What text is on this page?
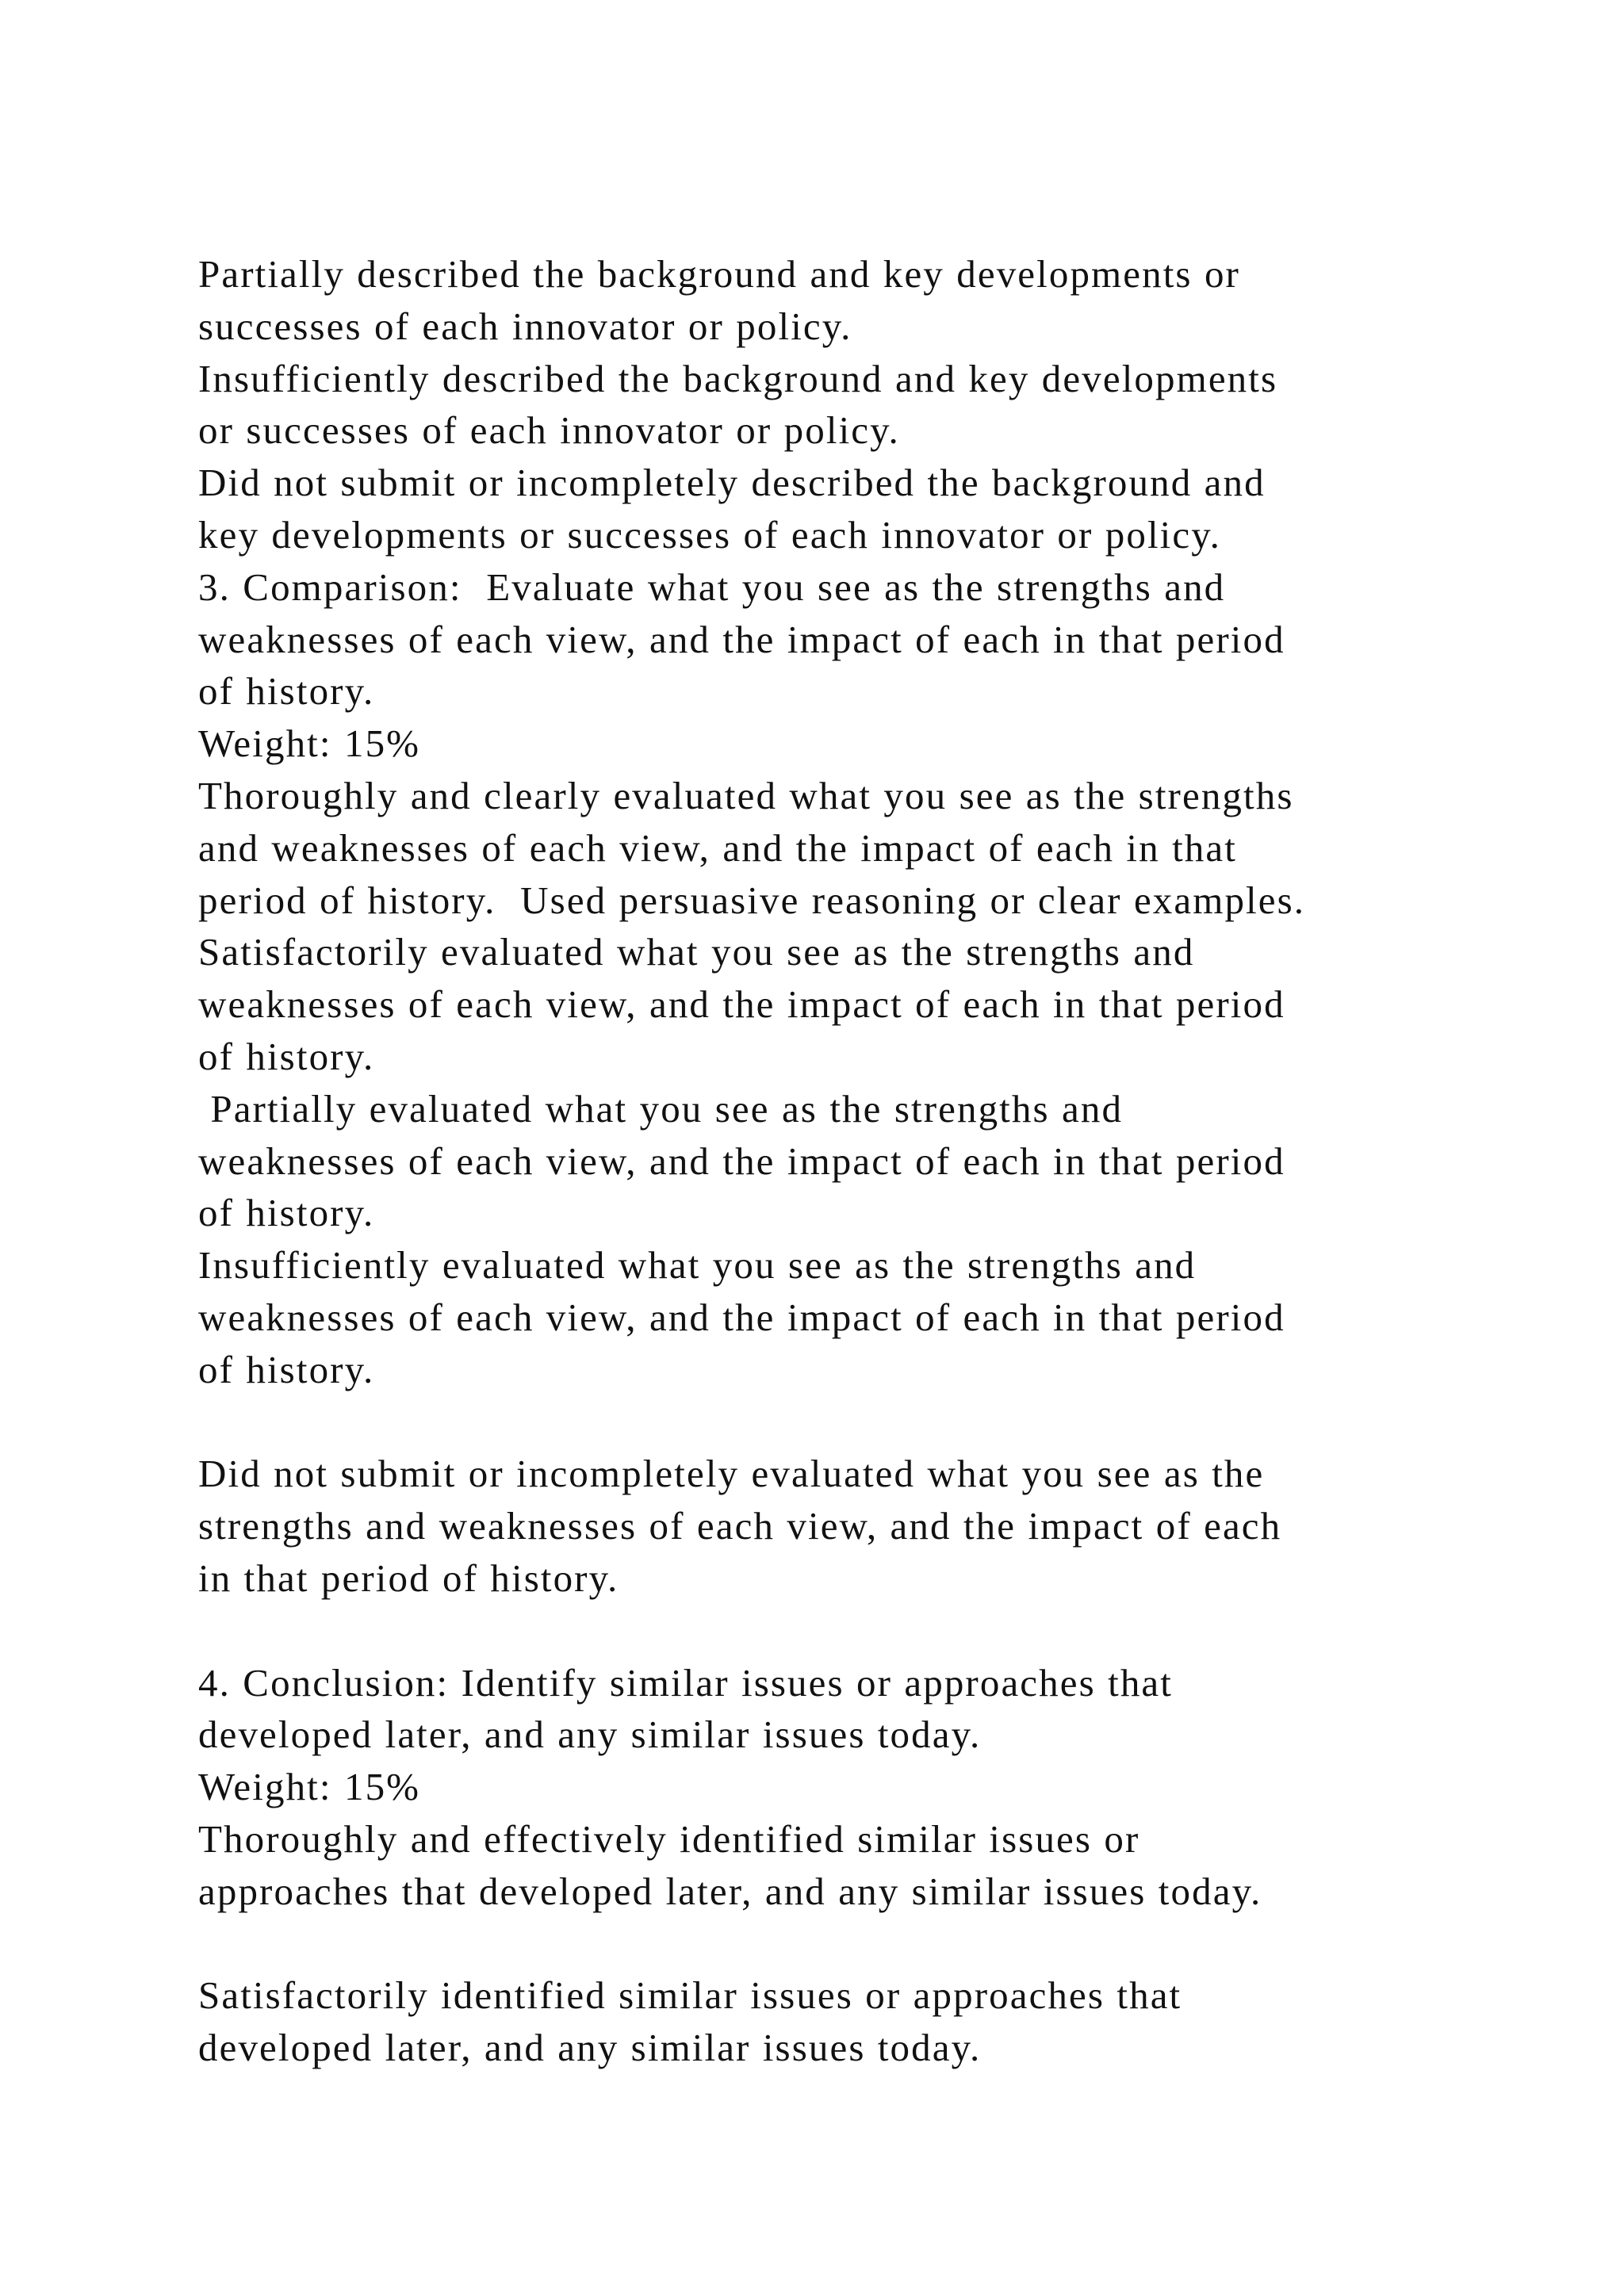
Partially described the background and key developments or
successes of each innovator or policy.
Insufficiently described the background and key developments
or successes of each innovator or policy.
Did not submit or incompletely described the background and
key developments or successes of each innovator or policy.
3. Comparison:  Evaluate what you see as the strengths and
weaknesses of each view, and the impact of each in that period
of history.
Weight: 15%
Thoroughly and clearly evaluated what you see as the strengths
and weaknesses of each view, and the impact of each in that
period of history.  Used persuasive reasoning or clear examples.
Satisfactorily evaluated what you see as the strengths and
weaknesses of each view, and the impact of each in that period
of history.
Partially evaluated what you see as the strengths and
weaknesses of each view, and the impact of each in that period
of history.
Insufficiently evaluated what you see as the strengths and
weaknesses of each view, and the impact of each in that period
of history.
Did not submit or incompletely evaluated what you see as the
strengths and weaknesses of each view, and the impact of each
in that period of history.
4. Conclusion: Identify similar issues or approaches that
developed later, and any similar issues today.
Weight: 15%
Thoroughly and effectively identified similar issues or
approaches that developed later, and any similar issues today.
Satisfactorily identified similar issues or approaches that
developed later, and any similar issues today.
